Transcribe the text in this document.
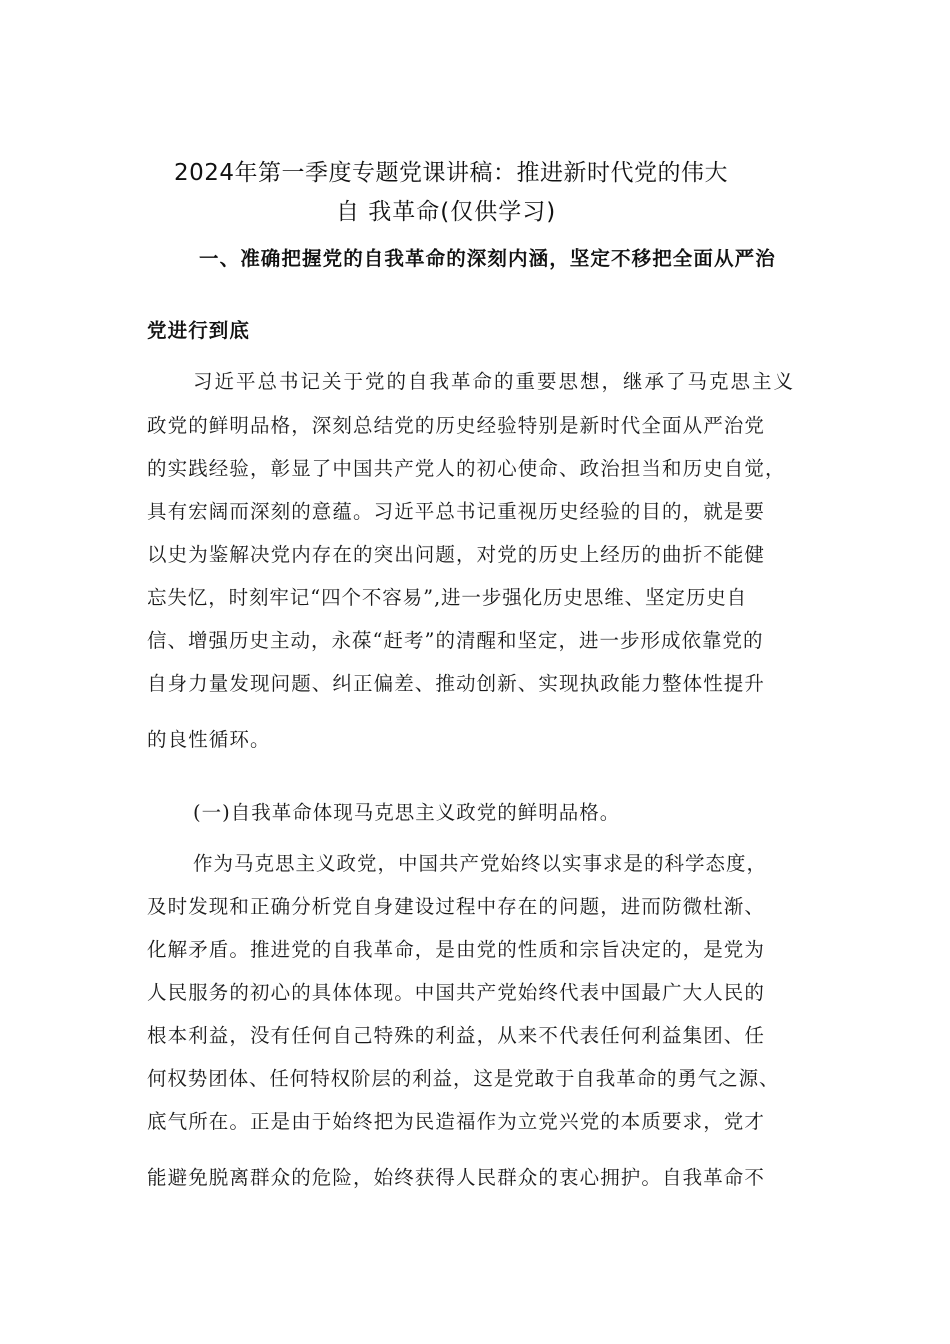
2024年第一季度专题党课讲稿：推进新时代党的伟大
自 我革命(仅供学习)
一、准确把握党的自我革命的深刻内涵，坚定不移把全面从严治
党进行到底
习近平总书记关于党的自我革命的重要思想，继承了马克思主义
政党的鲜明品格，深刻总结党的历史经验特别是新时代全面从严治党
的实践经验，彰显了中国共产党人的初心使命、政治担当和历史自觉，
具有宏阔而深刻的意蕴。习近平总书记重视历史经验的目的，就是要
以史为鉴解决党内存在的突出问题，对党的历史上经历的曲折不能健
忘失忆，时刻牢记“四个不容易”,进一步强化历史思维、坚定历史自
信、增强历史主动，永葆“赶考”的清醒和坚定，进一步形成依靠党的
自身力量发现问题、纠正偏差、推动创新、实现执政能力整体性提升
的良性循环。
(一)自我革命体现马克思主义政党的鲜明品格。
作为马克思主义政党，中国共产党始终以实事求是的科学态度，
及时发现和正确分析党自身建设过程中存在的问题，进而防微杜渐、
化解矛盾。推进党的自我革命，是由党的性质和宗旨决定的，是党为
人民服务的初心的具体体现。中国共产党始终代表中国最广大人民的
根本利益，没有任何自己特殊的利益，从来不代表任何利益集团、任
何权势团体、任何特权阶层的利益，这是党敢于自我革命的勇气之源、
底气所在。正是由于始终把为民造福作为立党兴党的本质要求，党才
能避免脱离群众的危险，始终获得人民群众的衷心拥护。自我革命不
